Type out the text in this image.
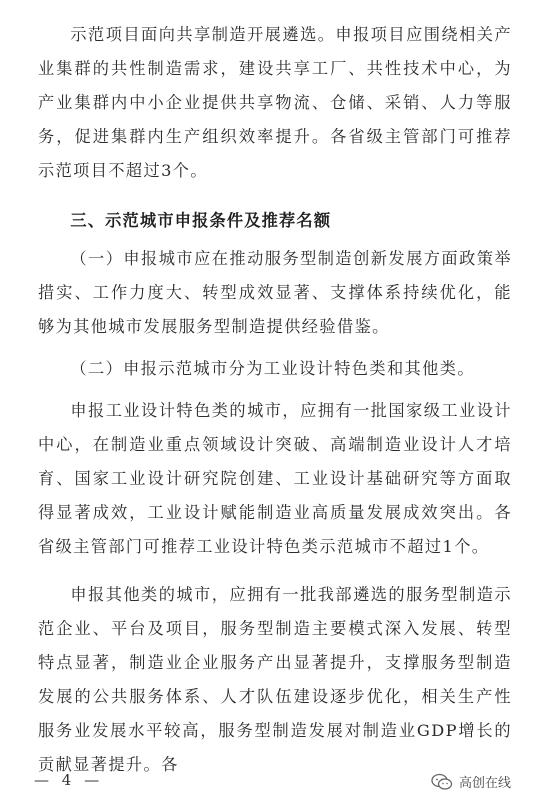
示范项目面向共享制造开展遴选。申报项目应围绕相关产业集群的共性制造需求，建设共享工厂、共性技术中心，为产业集群内中小企业提供共享物流、仓储、采销、人力等服务，促进集群内生产组织效率提升。各省级主管部门可推荐示范项目不超过3个。

三、示范城市申报条件及推荐名额

（一）申报城市应在推动服务型制造创新发展方面政策举措实、工作力度大、转型成效显著、支撑体系持续优化，能够为其他城市发展服务型制造提供经验借鉴。

（二）申报示范城市分为工业设计特色类和其他类。

申报工业设计特色类的城市，应拥有一批国家级工业设计中心，在制造业重点领域设计突破、高端制造业设计人才培育、国家工业设计研究院创建、工业设计基础研究等方面取得显著成效，工业设计赋能制造业高质量发展成效突出。各省级主管部门可推荐工业设计特色类示范城市不超过1个。

申报其他类的城市，应拥有一批我部遴选的服务型制造示范企业、平台及项目，服务型制造主要模式深入发展、转型特点显著，制造业企业服务产出显著提升，支撑服务型制造发展的公共服务体系、人才队伍建设逐步优化，相关生产性服务业发展水平较高，服务型制造发展对制造业GDP增长的贡献显著提升。各

— 4 —	高创在线
